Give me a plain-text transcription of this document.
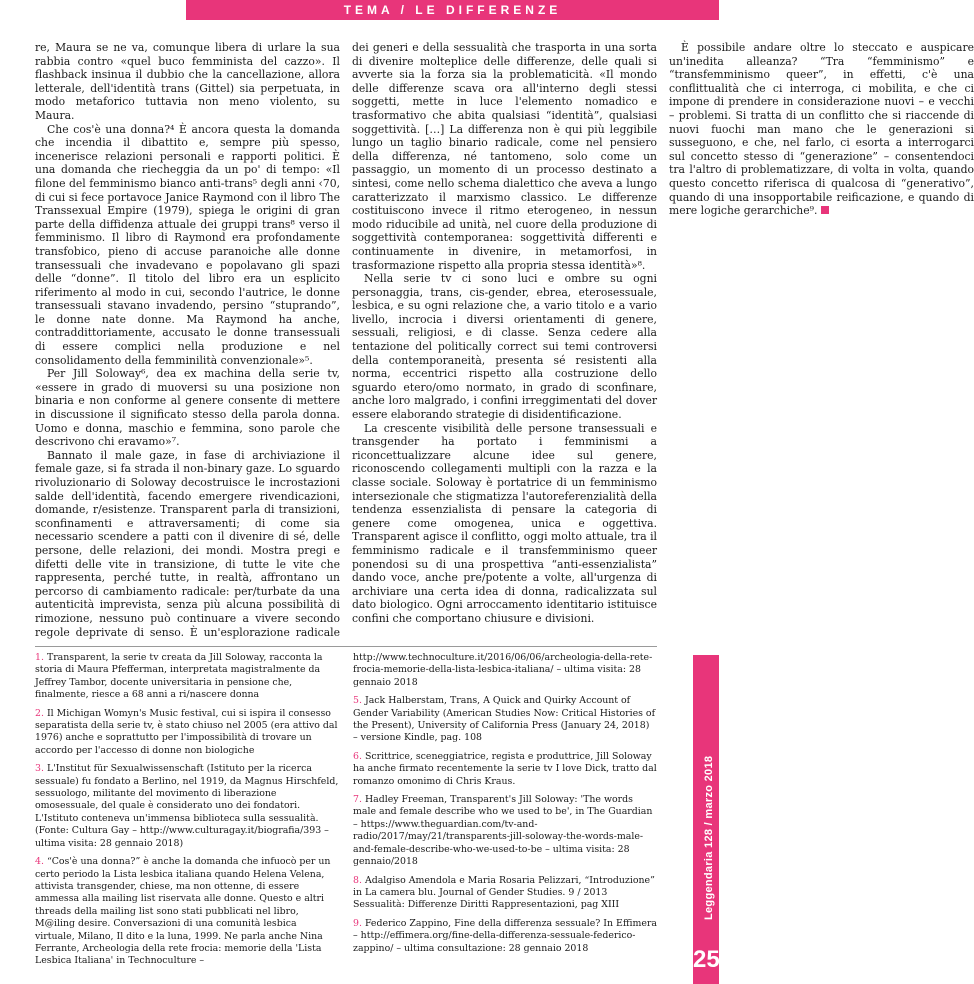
TEMA / LE DIFFERENZE

re, Maura se ne va, comunque libera di urlare la sua rabbia contro «quel buco femminista del cazzo». Il flashback insinua il dubbio che la cancellazione, allora letterale, dell'identità trans (Gittel) sia perpetuata, in modo metaforico tuttavia non meno violento, su Maura.

Che cos'è una donna?⁴ È ancora questa la domanda che incendia il dibattito e, sempre più spesso, incenerisce relazioni personali e rapporti politici. È una domanda che riecheggia da un po' di tempo: «Il filone del femminismo bianco anti-trans⁵ degli anni ‹70, di cui si fece portavoce Janice Raymond con il libro The Transsexual Empire (1979), spiega le origini di gran parte della diffidenza attuale dei gruppi trans⁸ verso il femminismo. Il libro di Raymond era profondamente transfobico, pieno di accuse paranoiche alle donne transessuali che invadevano e popolavano gli spazi delle “donne”. Il titolo del libro era un esplicito riferimento al modo in cui, secondo l'autrice, le donne transessuali stavano invadendo, persino “stuprando”, le donne nate donne. Ma Raymond ha anche, contraddittoriamente, accusato le donne transessuali di essere complici nella produzione e nel consolidamento della femminilità convenzionale»⁵.

Per Jill Soloway⁶, dea ex machina della serie tv, «essere in grado di muoversi su una posizione non binaria e non conforme al genere consente di mettere in discussione il significato stesso della parola donna. Uomo e donna, maschio e femmina, sono parole che descrivono chi eravamo»⁷.

Bannato il male gaze, in fase di archiviazione il female gaze, si fa strada il non-binary gaze. Lo sguardo rivoluzionario di Soloway decostruisce le incrostazioni salde dell'identità, facendo emergere rivendicazioni, domande, r/esistenze. Transparent parla di transizioni, sconfinamenti e attraversamenti; di come sia necessario scendere a patti con il divenire di sé, delle persone, delle relazioni, dei mondi. Mostra pregi e difetti delle vite in transizione, di tutte le vite che rappresenta, perché tutte, in realtà, affrontano un percorso di cambiamento radicale: per/turbate da una autenticità imprevista, senza più alcuna possibilità di rimozione, nessuno può continuare a vivere secondo regole deprivate di senso. È un'esplorazione radicale dei generi e della sessualità che trasporta in una sorta di divenire molteplice delle differenze, delle quali si avverte sia la forza sia la problematicità. «Il mondo delle differenze scava ora all'interno degli stessi soggetti, mette in luce l'elemento nomadico e trasformativo che abita qualsiasi “identità”, qualsiasi soggettività. […] La differenza non è qui più leggibile lungo un taglio binario radicale, come nel pensiero della differenza, né tantomeno, solo come un passaggio, un momento di un processo destinato a sintesi, come nello schema dialettico che aveva a lungo caratterizzato il marxismo classico. Le differenze costituiscono invece il ritmo eterogeneo, in nessun modo riducibile ad unità, nel cuore della produzione di soggettività contemporanea: soggettività differenti e continuamente in divenire, in metamorfosi, in trasformazione rispetto alla propria stessa identità»⁸.

Nella serie tv ci sono luci e ombre su ogni personaggia, trans, cis-gender, ebrea, eterosessuale, lesbica, e su ogni relazione che, a vario titolo e a vario livello, incrocia i diversi orientamenti di genere, sessuali, religiosi, e di classe. Senza cedere alla tentazione del politically correct sui temi controversi della contemporaneità, presenta sé resistenti alla norma, eccentrici rispetto alla costruzione dello sguardo etero/omo normato, in grado di sconfinare, anche loro malgrado, i confini irreggimentati del dover essere elaborando strategie di disidentificazione.

La crescente visibilità delle persone transessuali e transgender ha portato i femminismi a riconcettualizzare alcune idee sul genere, riconoscendo collegamenti multipli con la razza e la classe sociale. Soloway è portatrice di un femminismo intersezionale che stigmatizza l'autoreferenzialità della tendenza essenzialista di pensare la categoria di genere come omogenea, unica e oggettiva. Transparent agisce il conflitto, oggi molto attuale, tra il femminismo radicale e il transfemminismo queer ponendosi su di una prospettiva “anti-essenzialista” dando voce, anche pre/potente a volte, all'urgenza di archiviare una certa idea di donna, radicalizzata sul dato biologico. Ogni arroccamento identitario istituisce confini che comportano chiusure e divisioni.

È possibile andare oltre lo steccato e auspicare un'inedita alleanza? “Tra “femminismo” e “transfemminismo queer”, in effetti, c'è una conflittualità che ci interroga, ci mobilita, e che ci impone di prendere in considerazione nuovi – e vecchi – problemi. Si tratta di un conflitto che si riaccende di nuovi fuochi man mano che le generazioni si susseguono, e che, nel farlo, ci esorta a interrogarci sul concetto stesso di “generazione” – consentendoci tra l'altro di problematizzare, di volta in volta, quando questo concetto riferisca di qualcosa di “generativo”, quando di una insopportabile reificazione, e quando di mere logiche gerarchiche⁹.

1. Transparent, la serie tv creata da Jill Soloway, racconta la storia di Maura Pfefferman, interpretata magistralmente da Jeffrey Tambor, docente universitaria in pensione che, finalmente, riesce a 68 anni a ri/nascere donna

2. Il Michigan Womyn's Music festival, cui si ispira il consesso separatista della serie tv, è stato chiuso nel 2005 (era attivo dal 1976) anche e soprattutto per l'impossibilità di trovare un accordo per l'accesso di donne non biologiche

3. L'Institut für Sexualwissenschaft (Istituto per la ricerca sessuale) fu fondato a Berlino, nel 1919, da Magnus Hirschfeld, sessuologo, militante del movimento di liberazione omosessuale, del quale è considerato uno dei fondatori. L'Istituto conteneva un'immensa biblioteca sulla sessualità. (Fonte: Cultura Gay – http://www.culturagay.it/biografia/393 – ultima visita: 28 gennaio 2018)

4. “Cos'è una donna?” è anche la domanda che infuocò per un certo periodo la Lista lesbica italiana quando Helena Velena, attivista transgender, chiese, ma non ottenne, di essere ammessa alla mailing list riservata alle donne. Questo e altri threads della mailing list sono stati pubblicati nel libro, M@iling desire. Conversazioni di una comunità lesbica virtuale, Milano, Il dito e la luna, 1999. Ne parla anche Nina Ferrante, Archeologia della rete frocia: memorie della 'Lista Lesbica Italiana' in Technoculture – http://www.technoculture.it/2016/06/06/archeologia-della-rete-frocia-memorie-della-lista-lesbica-italiana/ – ultima visita: 28 gennaio 2018

5. Jack Halberstam, Trans, A Quick and Quirky Account of Gender Variability (American Studies Now: Critical Histories of the Present), University of California Press (January 24, 2018) – versione Kindle, pag. 108

6. Scrittrice, sceneggiatrice, regista e produttrice, Jill Soloway ha anche firmato recentemente la serie tv I love Dick, tratto dal romanzo omonimo di Chris Kraus.

7. Hadley Freeman, Transparent's Jill Soloway: 'The words male and female describe who we used to be', in The Guardian – https://www.theguardian.com/tv-and-radio/2017/may/21/transparents-jill-soloway-the-words-male-and-female-describe-who-we-used-to-be – ultima visita: 28 gennaio/2018

8. Adalgiso Amendola e Maria Rosaria Pelizzari, “Introduzione” in La camera blu. Journal of Gender Studies. 9 / 2013 Sessualità: Differenze Diritti Rappresentazioni, pag XIII

9. Federico Zappino, Fine della differenza sessuale? In Effimera – http://effimera.org/fine-della-differenza-sessuale-federico-zappino/ – ultima consultazione: 28 gennaio 2018

Leggendaria 128 / marzo 2018
25
